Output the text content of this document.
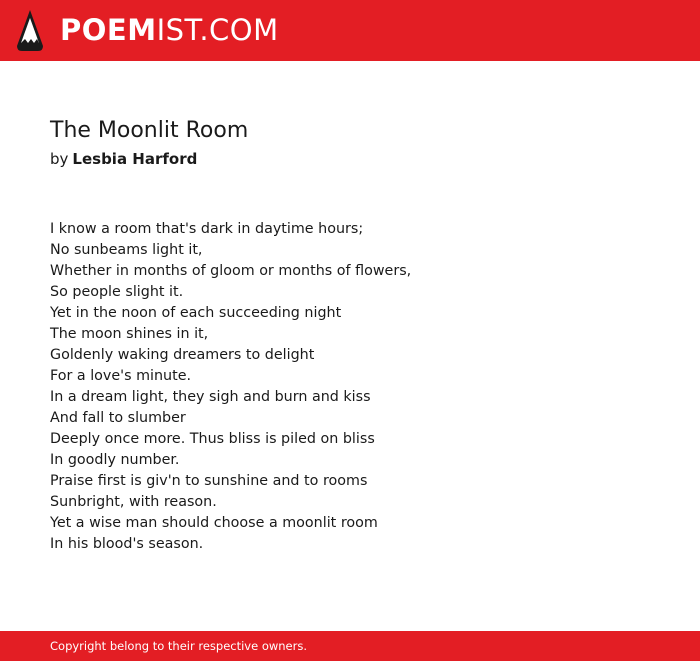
POEMIST.COM
The Moonlit Room
by Lesbia Harford
I know a room that's dark in daytime hours;
No sunbeams light it,
Whether in months of gloom or months of flowers,
So people slight it.
Yet in the noon of each succeeding night
The moon shines in it,
Goldenly waking dreamers to delight
For a love's minute.
In a dream light, they sigh and burn and kiss
And fall to slumber
Deeply once more. Thus bliss is piled on bliss
In goodly number.
Praise first is giv'n to sunshine and to rooms
Sunbright, with reason.
Yet a wise man should choose a moonlit room
In his blood's season.
Copyright belong to their respective owners.
